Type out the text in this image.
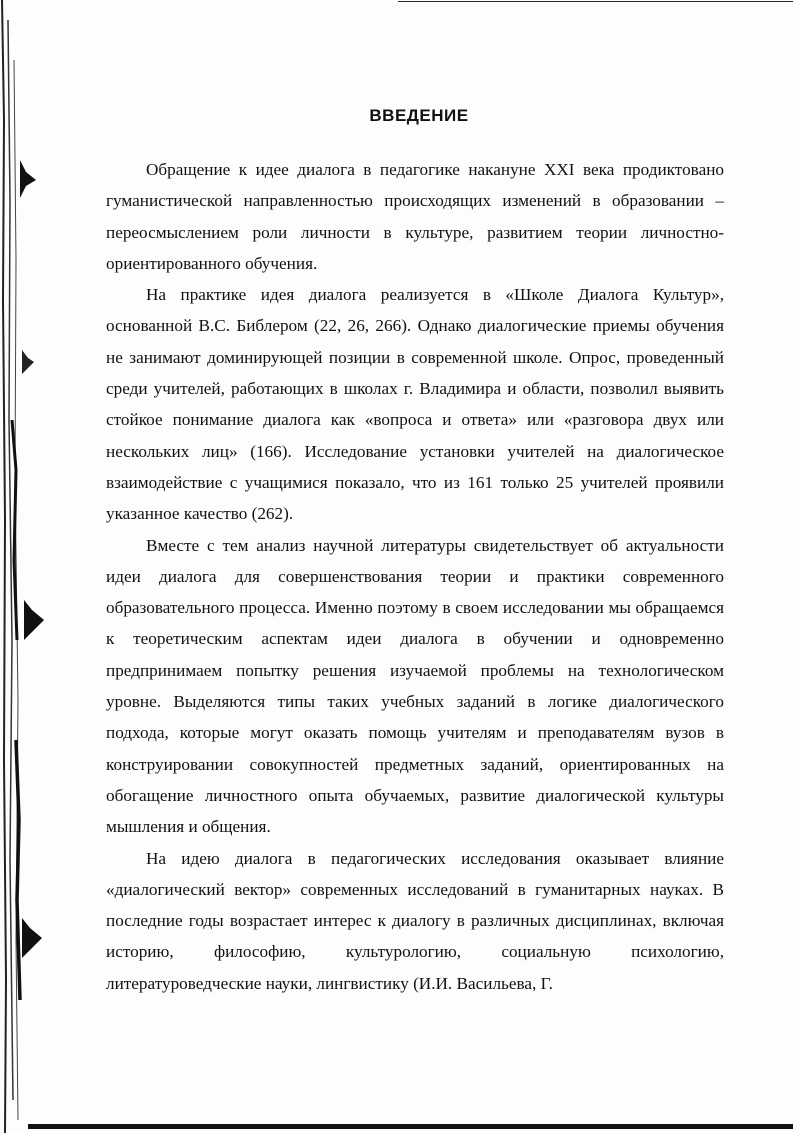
ВВЕДЕНИЕ

Обращение к идее диалога в педагогике накануне XXI века продиктовано гуманистической направленностью происходящих изменений в образовании – переосмыслением роли личности в культуре, развитием теории личностно-ориентированного обучения.

На практике идея диалога реализуется в «Школе Диалога Культур», основанной В.С. Библером (22, 26, 266). Однако диалогические приемы обучения не занимают доминирующей позиции в современной школе. Опрос, проведенный среди учителей, работающих в школах г. Владимира и области, позволил выявить стойкое понимание диалога как «вопроса и ответа» или «разговора двух или нескольких лиц» (166). Исследование установки учителей на диалогическое взаимодействие с учащимися показало, что из 161 только 25 учителей проявили указанное качество (262).

Вместе с тем анализ научной литературы свидетельствует об актуальности идеи диалога для совершенствования теории и практики современного образовательного процесса. Именно поэтому в своем исследовании мы обращаемся к теоретическим аспектам идеи диалога в обучении и одновременно предпринимаем попытку решения изучаемой проблемы на технологическом уровне. Выделяются типы таких учебных заданий в логике диалогического подхода, которые могут оказать помощь учителям и преподавателям вузов в конструировании совокупностей предметных заданий, ориентированных на обогащение личностного опыта обучаемых, развитие диалогической культуры мышления и общения.

На идею диалога в педагогических исследования оказывает влияние «диалогический вектор» современных исследований в гуманитарных науках. В последние годы возрастает интерес к диалогу в различных дисциплинах, включая историю, философию, культурологию, социальную психологию, литературоведческие науки, лингвистику (И.И. Васильева, Г.
